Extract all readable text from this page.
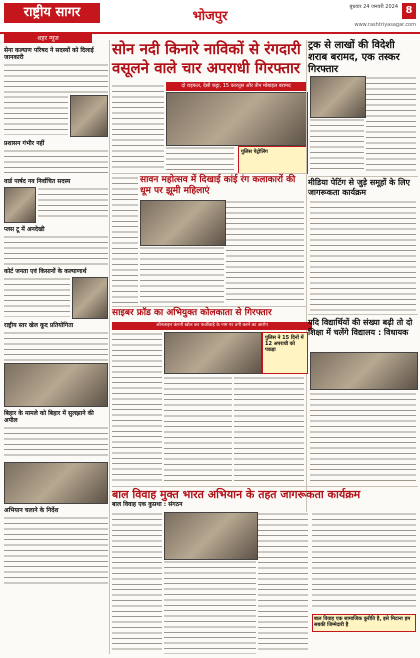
राष्ट्रीय सागर	भोजपुर
बुधवार 24 जनवरी 2024 8
www.rashtriyasagar.com
शहर न्यूज
सेना कल्याण परिषद ने सदस्यों को दिलाई जानकारी
प्रशासन गंभीर नहीं
वार्ड पार्षद नव निर्वाचित सदस्य
प्लस टू में अनदेखी
कोर्ट जनता एवं किसानों के कल्याणार्थ
राष्ट्रीय स्तर खेल कूद प्रतियोगिता
बिहार के मामले को बिहार में सुलझाने की अपील
अभियान चलाने के निर्देश
सोन नदी किनारे नाविकों से रंगदारी वसूलने वाले चार अपराधी गिरफ्तार
दो राइफल, देसी कट्टा, 15 कारतूस और तीन मोबाइल बरामद
पुलिस पेट्रोलिंग
ट्रक से लाखों की विदेशी शराब बरामद, एक तस्कर गिरफ्तार
सावन महोत्सव में दिखाई कांई रंग कलाकारों की धूम पर झूमी महिलाएं
मीडिया पेटिंग से जुड़े समूहों के लिए जागरूकता कार्यक्रम
साइबर फ्रॉड का अभियुक्त कोलकाता से गिरफ्तार
ऑनलाइन कंपनी खोल कर फर्जीवाड़े के नाम पर ठगी करने का आरोप
पुलिस ने 15 दिनों में 12 अपराधी को पकड़ा
यदि विद्यार्थियों की संख्या बढ़ी तो दो शिक्षा में चलेंगे विद्यालय : विधायक
बाल विवाह मुक्त भारत अभियान के तहत जागरूकता कार्यक्रम
बाल विवाह एक कुप्रथा : संगठन
बाल विवाह एक सामाजिक कुरीति है, इसे मिटाना हम सबकी जिम्मेदारी है
